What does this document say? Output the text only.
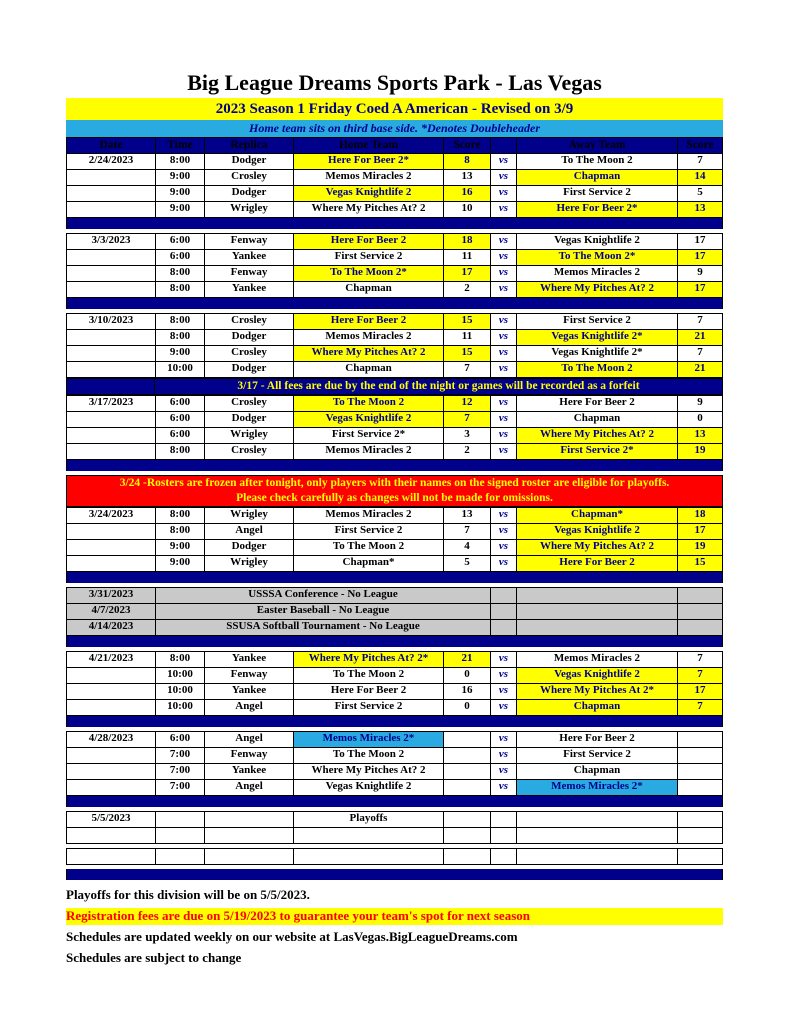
Big League Dreams Sports Park - Las Vegas
2023 Season 1 Friday Coed A American - Revised on 3/9
Home team sits on third base side. *Denotes Doubleheader
Date	Time	Replica	Home Team	Score	Away Team	Score
2/24/2023	8:00	Dodger	Here For Beer 2*	8	vs	To The Moon 2	7
9:00	Crosley	Memos Miracles 2	13	vs	Chapman	14
9:00	Dodger	Vegas Knightlife 2	16	vs	First Service 2	5
9:00	Wrigley	Where My Pitches At? 2	10	vs	Here For Beer 2*	13
3/3/2023	6:00	Fenway	Here For Beer 2	18	vs	Vegas Knightlife 2	17
6:00	Yankee	First Service 2	11	vs	To The Moon 2*	17
8:00	Fenway	To The Moon 2*	17	vs	Memos Miracles 2	9
8:00	Yankee	Chapman	2	vs	Where My Pitches At? 2	17
3/10/2023	8:00	Crosley	Here For Beer 2	15	vs	First Service 2	7
8:00	Dodger	Memos Miracles 2	11	vs	Vegas Knightlife 2*	21
9:00	Crosley	Where My Pitches At? 2	15	vs	Vegas Knightlife 2*	7
10:00	Dodger	Chapman	7	vs	To The Moon 2	21
3/17 - All fees are due by the end of the night or games will be recorded as a forfeit
3/17/2023	6:00	Crosley	To The Moon 2	12	vs	Here For Beer 2	9
6:00	Dodger	Vegas Knightlife 2	7	vs	Chapman	0
6:00	Wrigley	First Service 2*	3	vs	Where My Pitches At? 2	13
8:00	Crosley	Memos Miracles 2	2	vs	First Service 2*	19
3/24 -Rosters are frozen after tonight, only players with their names on the signed roster are eligible for playoffs.
Please check carefully as changes will not be made for omissions.
3/24/2023	8:00	Wrigley	Memos Miracles 2	13	vs	Chapman*	18
8:00	Angel	First Service 2	7	vs	Vegas Knightlife 2	17
9:00	Dodger	To The Moon 2	4	vs	Where My Pitches At? 2	19
9:00	Wrigley	Chapman*	5	vs	Here For Beer 2	15
3/31/2023	USSSA Conference - No League
4/7/2023	Easter Baseball - No League
4/14/2023	SSUSA Softball Tournament - No League
4/21/2023	8:00	Yankee	Where My Pitches At? 2*	21	vs	Memos Miracles 2	7
10:00	Fenway	To The Moon 2	0	vs	Vegas Knightlife 2	7
10:00	Yankee	Here For Beer 2	16	vs	Where My Pitches At 2*	17
10:00	Angel	First Service 2	0	vs	Chapman	7
4/28/2023	6:00	Angel	Memos Miracles 2*	vs	Here For Beer 2
7:00	Fenway	To The Moon 2	vs	First Service 2
7:00	Yankee	Where My Pitches At? 2	vs	Chapman
7:00	Angel	Vegas Knightlife 2	vs	Memos Miracles 2*
5/5/2023	Playoffs
Playoffs for this division will be on 5/5/2023.
Registration fees are due on 5/19/2023 to guarantee your team's spot for next season
Schedules are updated weekly on our website at LasVegas.BigLeagueDreams.com
Schedules are subject to change
